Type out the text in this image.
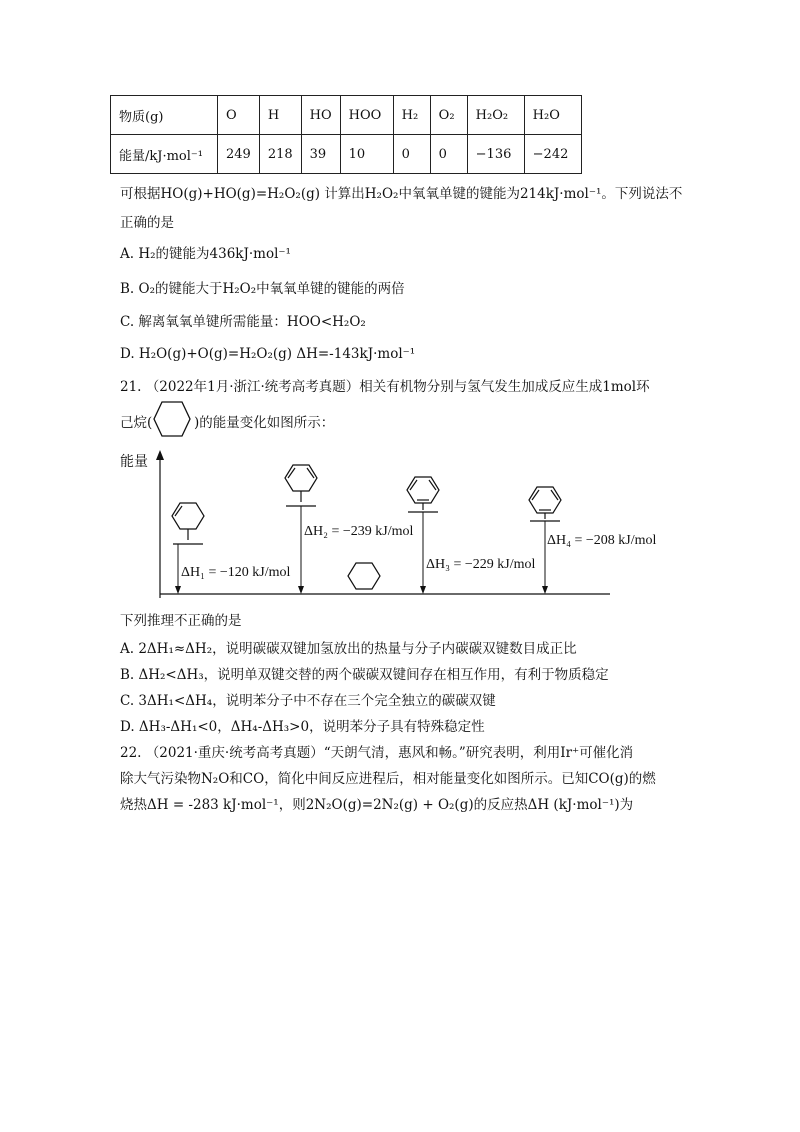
物质(g)	O	H	HO	HOO	H₂	O₂	H₂O₂	H₂O
能量/kJ·mol⁻¹	249	218	39	10	0	0	−136	−242
可根据HO(g)+HO(g)=H₂O₂(g) 计算出H₂O₂中氧氧单键的键能为214kJ·mol⁻¹。下列说法不
正确的是
A. H₂的键能为436kJ·mol⁻¹
B. O₂的键能大于H₂O₂中氧氧单键的键能的两倍
C. 解离氧氧单键所需能量：HOO<H₂O₂
D. H₂O(g)+O(g)=H₂O₂(g) ΔH=-143kJ·mol⁻¹
21. （2022年1月·浙江·统考高考真题）相关有机物分别与氢气发生加成反应生成1mol环
己烷(	)的能量变化如图所示：
能量
ΔH₁ = −120 kJ/mol
ΔH₂ = −239 kJ/mol
ΔH₃ = −229 kJ/mol
ΔH₄ = −208 kJ/mol
下列推理不正确的是
A. 2ΔH₁≈ΔH₂，说明碳碳双键加氢放出的热量与分子内碳碳双键数目成正比
B. ΔH₂<ΔH₃，说明单双键交替的两个碳碳双键间存在相互作用，有利于物质稳定
C. 3ΔH₁<ΔH₄，说明苯分子中不存在三个完全独立的碳碳双键
D. ΔH₃-ΔH₁<0，ΔH₄-ΔH₃>0，说明苯分子具有特殊稳定性
22. （2021·重庆·统考高考真题）“天朗气清，惠风和畅。”研究表明，利用Ir⁺可催化消
除大气污染物N₂O和CO，简化中间反应进程后，相对能量变化如图所示。已知CO(g)的燃
烧热ΔH = -283 kJ·mol⁻¹，则2N₂O(g)=2N₂(g) + O₂(g)的反应热ΔH (kJ·mol⁻¹)为
